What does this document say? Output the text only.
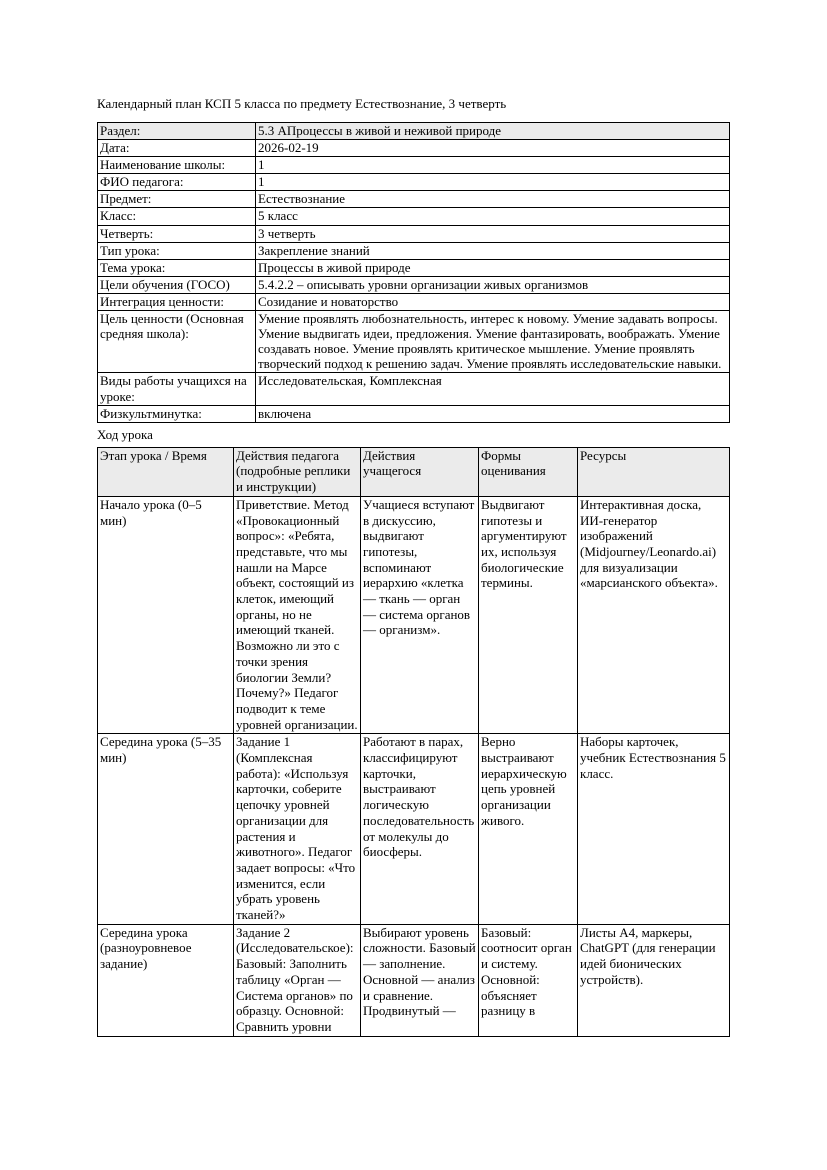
Календарный план КСП 5 класса по предмету Естествознание, 3 четверть

Раздел:	5.3 АПроцессы в живой и неживой природе
Дата:	2026-02-19
Наименование школы:	1
ФИО педагога:	1
Предмет:	Естествознание
Класс:	5 класс
Четверть:	3 четверть
Тип урока:	Закрепление знаний
Тема урока:	Процессы в живой природе
Цели обучения (ГОСО)	5.4.2.2 – описывать уровни организации живых организмов
Интеграция ценности:	Созидание и новаторство
Цель ценности (Основная средняя школа):	Умение проявлять любознательность, интерес к новому. Умение задавать вопросы. Умение выдвигать идеи, предложения. Умение фантазировать, воображать. Умение создавать новое. Умение проявлять критическое мышление. Умение проявлять творческий подход к решению задач. Умение проявлять исследовательские навыки.
Виды работы учащихся на уроке:	Исследовательская, Комплексная
Физкультминутка:	включена

Ход урока

Этап урока / Время	Действия педагога (подробные реплики и инструкции)	Действия учащегося	Формы оценивания	Ресурсы
Начало урока (0–5 мин)	Приветствие. Метод «Провокационный вопрос»: «Ребята, представьте, что мы нашли на Марсе объект, состоящий из клеток, имеющий органы, но не имеющий тканей. Возможно ли это с точки зрения биологии Земли? Почему?» Педагог подводит к теме уровней организации.	Учащиеся вступают в дискуссию, выдвигают гипотезы, вспоминают иерархию «клетка — ткань — орган — система органов — организм».	Выдвигают гипотезы и аргументируют их, используя биологические термины.	Интерактивная доска, ИИ-генератор изображений (Midjourney/Leonardo.ai) для визуализации «марсианского объекта».
Середина урока (5–35 мин)	Задание 1 (Комплексная работа): «Используя карточки, соберите цепочку уровней организации для растения и животного». Педагог задает вопросы: «Что изменится, если убрать уровень тканей?»	Работают в парах, классифицируют карточки, выстраивают логическую последовательность от молекулы до биосферы.	Верно выстраивают иерархическую цепь уровней организации живого.	Наборы карточек, учебник Естествознания 5 класс.
Середина урока (разноуровневое задание)	Задание 2 (Исследовательское): Базовый: Заполнить таблицу «Орган — Система органов» по образцу. Основной: Сравнить уровни	Выбирают уровень сложности. Базовый — заполнение. Основной — анализ и сравнение. Продвинутый —	Базовый: соотносит орган и систему. Основной: объясняет разницу в	Листы А4, маркеры, ChatGPT (для генерации идей бионических устройств).
